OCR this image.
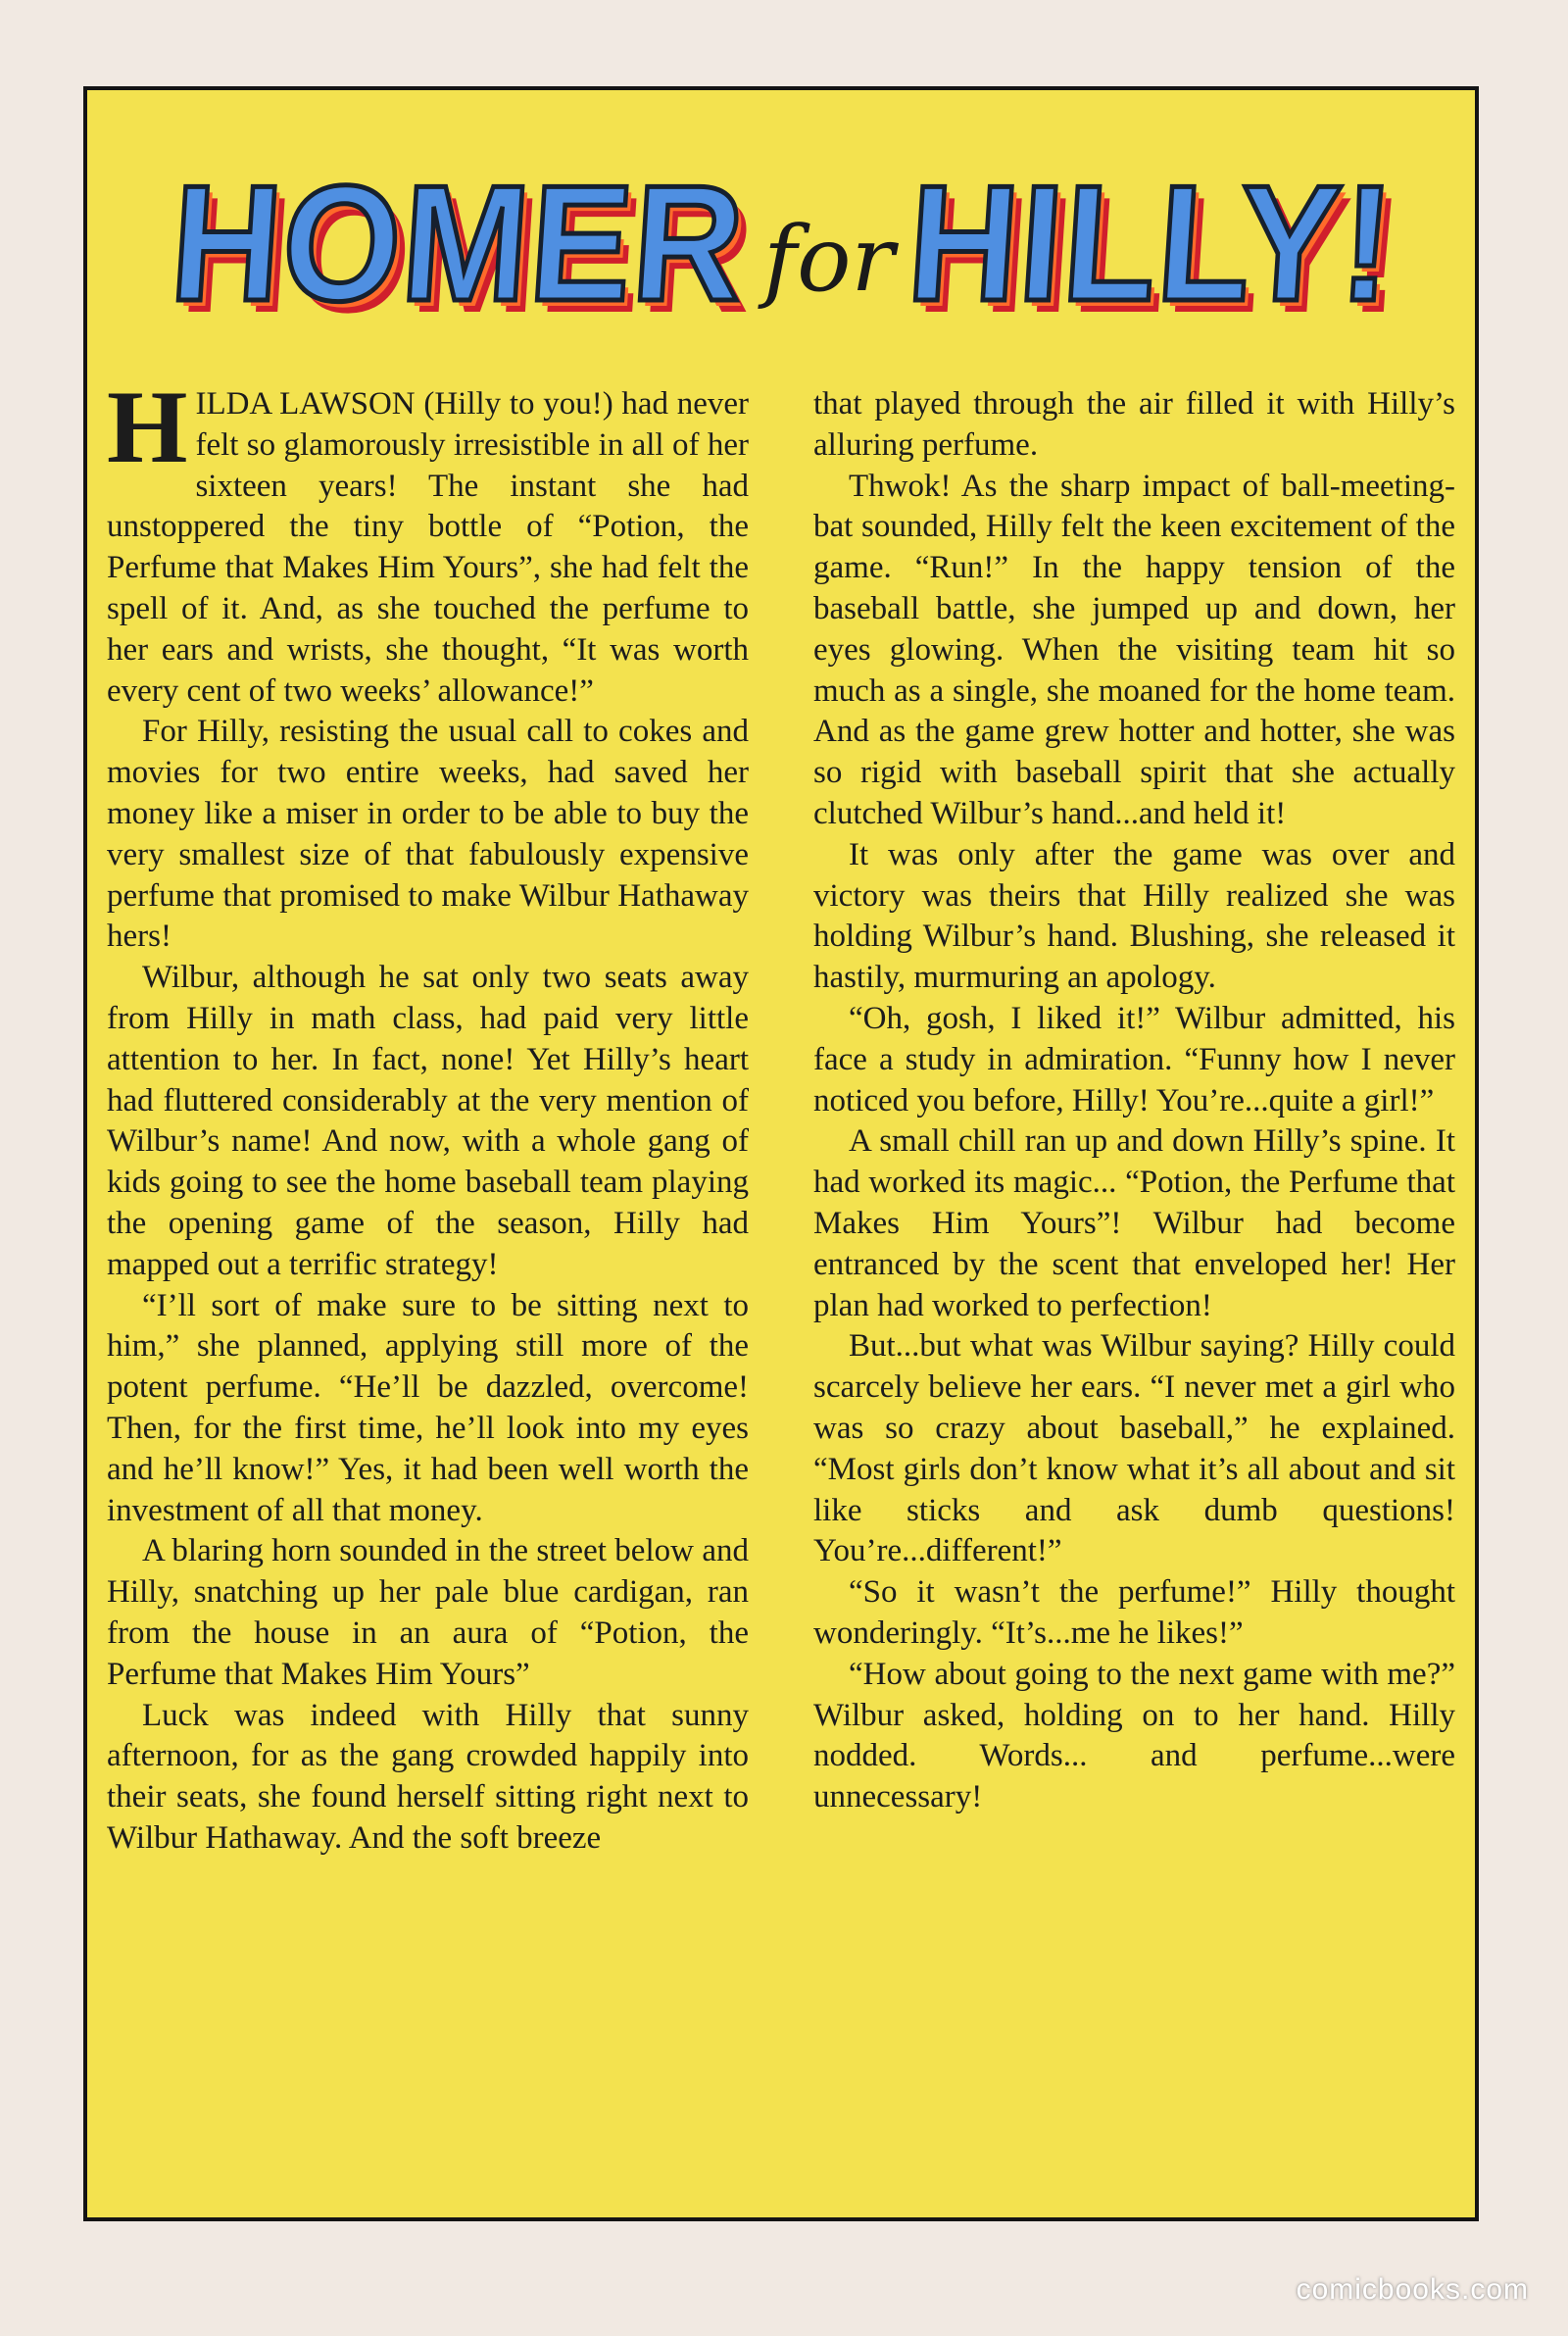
HOMER for HILLY!

HILDA LAWSON (Hilly to you!) had never felt so glamorously irresistible in all of her sixteen years! The instant she had unstoppered the tiny bottle of “Potion, the Perfume that Makes Him Yours”, she had felt the spell of it. And, as she touched the perfume to her ears and wrists, she thought, “It was worth every cent of two weeks’ allowance!”

For Hilly, resisting the usual call to cokes and movies for two entire weeks, had saved her money like a miser in order to be able to buy the very smallest size of that fabulously expensive perfume that promised to make Wilbur Hathaway hers!

Wilbur, although he sat only two seats away from Hilly in math class, had paid very little attention to her. In fact, none! Yet Hilly’s heart had fluttered considerably at the very mention of Wilbur’s name! And now, with a whole gang of kids going to see the home baseball team playing the opening game of the season, Hilly had mapped out a terrific strategy!

“I’ll sort of make sure to be sitting next to him,” she planned, applying still more of the potent perfume. “He’ll be dazzled, overcome! Then, for the first time, he’ll look into my eyes and he’ll know!” Yes, it had been well worth the investment of all that money.

A blaring horn sounded in the street below and Hilly, snatching up her pale blue cardigan, ran from the house in an aura of “Potion, the Perfume that Makes Him Yours”

Luck was indeed with Hilly that sunny afternoon, for as the gang crowded happily into their seats, she found herself sitting right next to Wilbur Hathaway. And the soft breeze

that played through the air filled it with Hilly’s alluring perfume.

Thwok! As the sharp impact of ball-meeting-bat sounded, Hilly felt the keen excitement of the game. “Run!” In the happy tension of the baseball battle, she jumped up and down, her eyes glowing. When the visiting team hit so much as a single, she moaned for the home team. And as the game grew hotter and hotter, she was so rigid with baseball spirit that she actually clutched Wilbur’s hand...and held it!

It was only after the game was over and victory was theirs that Hilly realized she was holding Wilbur’s hand. Blushing, she released it hastily, murmuring an apology.

“Oh, gosh, I liked it!” Wilbur admitted, his face a study in admiration. “Funny how I never noticed you before, Hilly! You’re...quite a girl!”

A small chill ran up and down Hilly’s spine. It had worked its magic... “Potion, the Perfume that Makes Him Yours”! Wilbur had become entranced by the scent that enveloped her! Her plan had worked to perfection!

But...but what was Wilbur saying? Hilly could scarcely believe her ears. “I never met a girl who was so crazy about baseball,” he explained. “Most girls don’t know what it’s all about and sit like sticks and ask dumb questions! You’re...different!”

“So it wasn’t the perfume!” Hilly thought wonderingly. “It’s...me he likes!”

“How about going to the next game with me?” Wilbur asked, holding on to her hand. Hilly nodded. Words... and perfume...were unnecessary!

comicbooks.com
